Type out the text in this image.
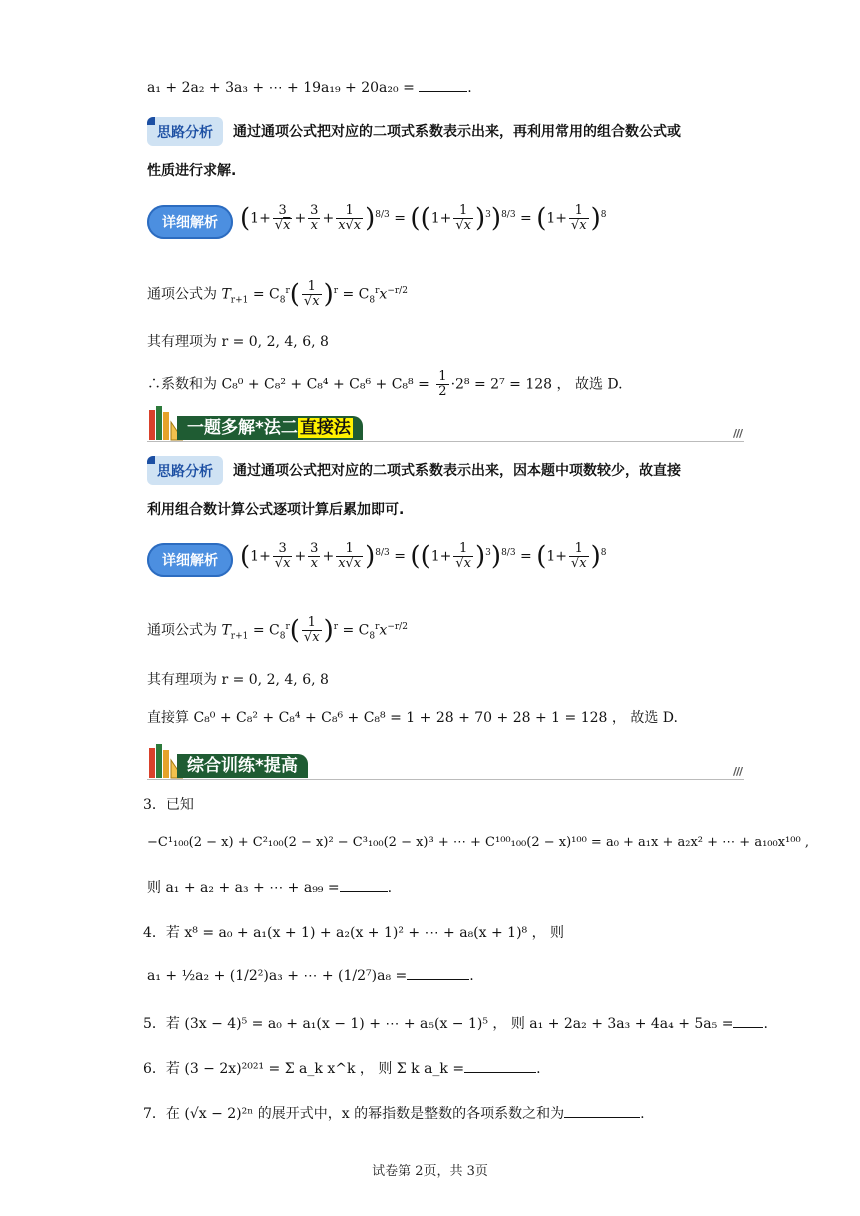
a₁ + 2a₂ + 3a₃ + ⋯ + 19a₁₉ + 20a₂₀ =	.
思路分析 通过通项公式把对应的二项式系数表示出来，再利用常用的组合数公式或
性质进行求解.
详细解析 $(1+ \frac{3}{√x} + \frac{3}{x} + \frac{1}{x√x} )^{8/3} = ((1+ \frac{1}{√x} )^3)^{8/3} = (1+ \frac{1}{√x} )^8$
通项公式为 $T_{r+1} = C_8^r( \frac{1}{√x} )^r = C_8^rx^{-r/2}$
其有理项为 r = 0, 2, 4, 6, 8
∴系数和为 $C_8^0 + C_8^2 + C_8^4 + C_8^6 + C_8^8 = \frac{1}{2} \cdot 2^8 = 2^7 = 128$ ， 故选 D.
一题多解*法二 直接法	///
思路分析 通过通项公式把对应的二项式系数表示出来，因本题中项数较少，故直接
利用组合数计算公式逐项计算后累加即可.
详细解析 $(1+ \frac{3}{√x} + \frac{3}{x} + \frac{1}{x√x} )^{8/3} = ((1+ \frac{1}{√x} )^3)^{8/3} = (1+ \frac{1}{√x} )^8$
通项公式为 $T_{r+1} = C_8^r( \frac{1}{√x} )^r = C_8^rx^{-r/2}$
其有理项为 r = 0, 2, 4, 6, 8
直接算 C₈⁰ + C₈² + C₈⁴ + C₈⁶ + C₈⁸ = 1 + 28 + 70 + 28 + 1 = 128 ， 故选 D.
综合训练*提高	///
3．已知
−C¹₁₀₀(2 − x) + C²₁₀₀(2 − x)² − C³₁₀₀(2 − x)³ + ⋯ + C¹⁰⁰₁₀₀(2 − x)¹⁰⁰ = a₀ + a₁x + a₂x² + ⋯ + a₁₀₀x¹⁰⁰ ,
则 a₁ + a₂ + a₃ + ⋯ + a₉₉ =	.
4．若 x⁸ = a₀ + a₁(x + 1) + a₂(x + 1)² + ⋯ + a₈(x + 1)⁸ ， 则
a₁ + ½a₂ + (1/2²)a₃ + ⋯ + (1/2⁷)a₈ =	.
5．若 (3x − 4)⁵ = a₀ + a₁(x − 1) + ⋯ + a₅(x − 1)⁵ ， 则 a₁ + 2a₂ + 3a₃ + 4a₄ + 5a₅ = .
6．若 (3 − 2x)²⁰²¹ = Σ a_k x^k ， 则 Σ k a_k =	.
7．在 (√x − 2)²ⁿ 的展开式中，x 的幂指数是整数的各项系数之和为	.
试卷第 2页，共 3页
